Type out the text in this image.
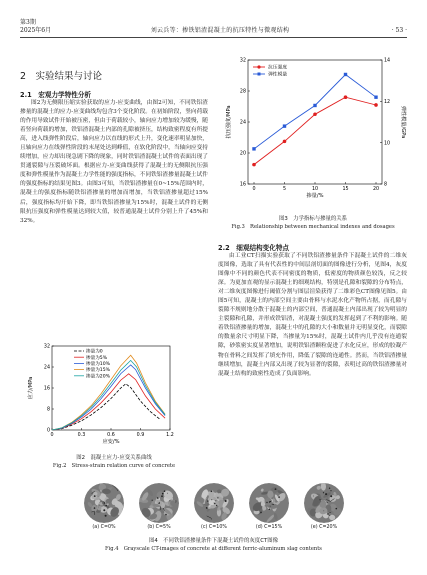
第3期
2025年6月	刘云兵等：掺铁铝渣混凝土的抗压特性与微观结构	· 53 ·
2　实验结果与讨论
2.1　宏观力学特性分析
图2为无侧限压缩实验获取的应力-应变曲线，由图2可知，不同铁铝渣掺量的混凝土的应力-应变曲线均包含3个变化阶段。在初始阶段，竖向荷载的作用导致试件开始被压密，但由于荷载较小，轴向应力增加较为缓慢，随着竖向荷载的增加，铁铝渣混凝土内部的孔隙被挤压，结构致密程度有所提高，进入线弹性阶段后，轴向应力以直线的形式上升，变化速率明显加快，且轴向应力在线弹性阶段的末尾处达到峰值，在软化阶段中，当轴向应变持续增加，应力却出现急剧下降的现象，同时铁铝渣混凝土试件的表面出现了贯通裂隙与压裂破坏面。根据应力-应变曲线获得了混凝土的无侧限抗压强度和弹性模量作为混凝土力学性能的强度指标，不同铁铝渣掺量混凝土试件的强度指标的结果见图3。由图3可知，当铁铝渣掺量在0~15%范围内时，混凝土的强度指标随铁铝渣掺量的增加而增加，当铁铝渣掺量超过15%后，强度指标均开始下降，即当铁铝渣掺量为15%时，混凝土试件的无侧限抗压强度和弹性模量达到较大值，较普通混凝土试件分别上升了45%和32%。
0	0.3	0.6	0.9	1.2
0
8
16
24
32
应变/%
应力/MPa
掺量为0
掺量为5%
掺量为10%
掺量为15%
掺量为20%
图2　混凝土应力-应变关系曲线
Fig.2　Stress-strain relation curve of concrete
0	5	10	15	20
16
20
24
28
32
8
10
12
14
掺量/%
抗压强度/MPa	弹性模量/GPa
抗压强度
弹性模量
图3　力学指标与掺量的关系
Fig.3　Relationship between mechanical indexes and dosages
2.2　细观结构变化特点
由工业CT扫描实验获取了不同铁铝渣掺量条件下混凝土试件的二维灰度图像，选取了具有代表性的中间层剖切面的图像进行分析，见图4，灰度图像中不同的颜色代表不同密度的物质，低密度的物质颜色较浅，反之较深。为更加直观的显示混凝土的细观结构，特别是孔隙和裂隙的分布特点，对二维灰度图像进行阈值分割与图层渲染获得了二维彩色CT图像见图5。由图5可知，混凝土的内部空间主要由骨料与水泥水化产物所占据，而孔隙与裂隙不规则地分散于混凝土的内部空间，普通混凝土内部出现了较为明显的主裂隙和孔隙，并形成铁铝渣，对混凝土强度的发挥起到了不利的影响。随着铁铝渣掺量的增加，混凝土中的孔隙的大小和数量并无明显变化，而裂隙的数量余尺寸明显下降，当掺量为15%时，混凝土试件内几乎没有连通裂隙，砂浆密实度显著增加，说明铁铝渣颗粒促进了水化反应，形成的胶凝产物在骨料之间发挥了填充作用，降低了裂隙的连通性。然而，当铁铝渣掺量继续增加，混凝土内部又出现了较为显著的裂隙，表明过高的铁铝渣掺量对混凝土结构的致密性造成了负面影响。
(a) C=0%	(b) C=5%	(c) C=10%	(d) C=15%	(e) C=20%
图4　不同铁铝渣掺量条件下混凝土试件的灰度CT图像
Fig.4　Grayscale CT-images of concrete at different ferric-aluminum slag contents
